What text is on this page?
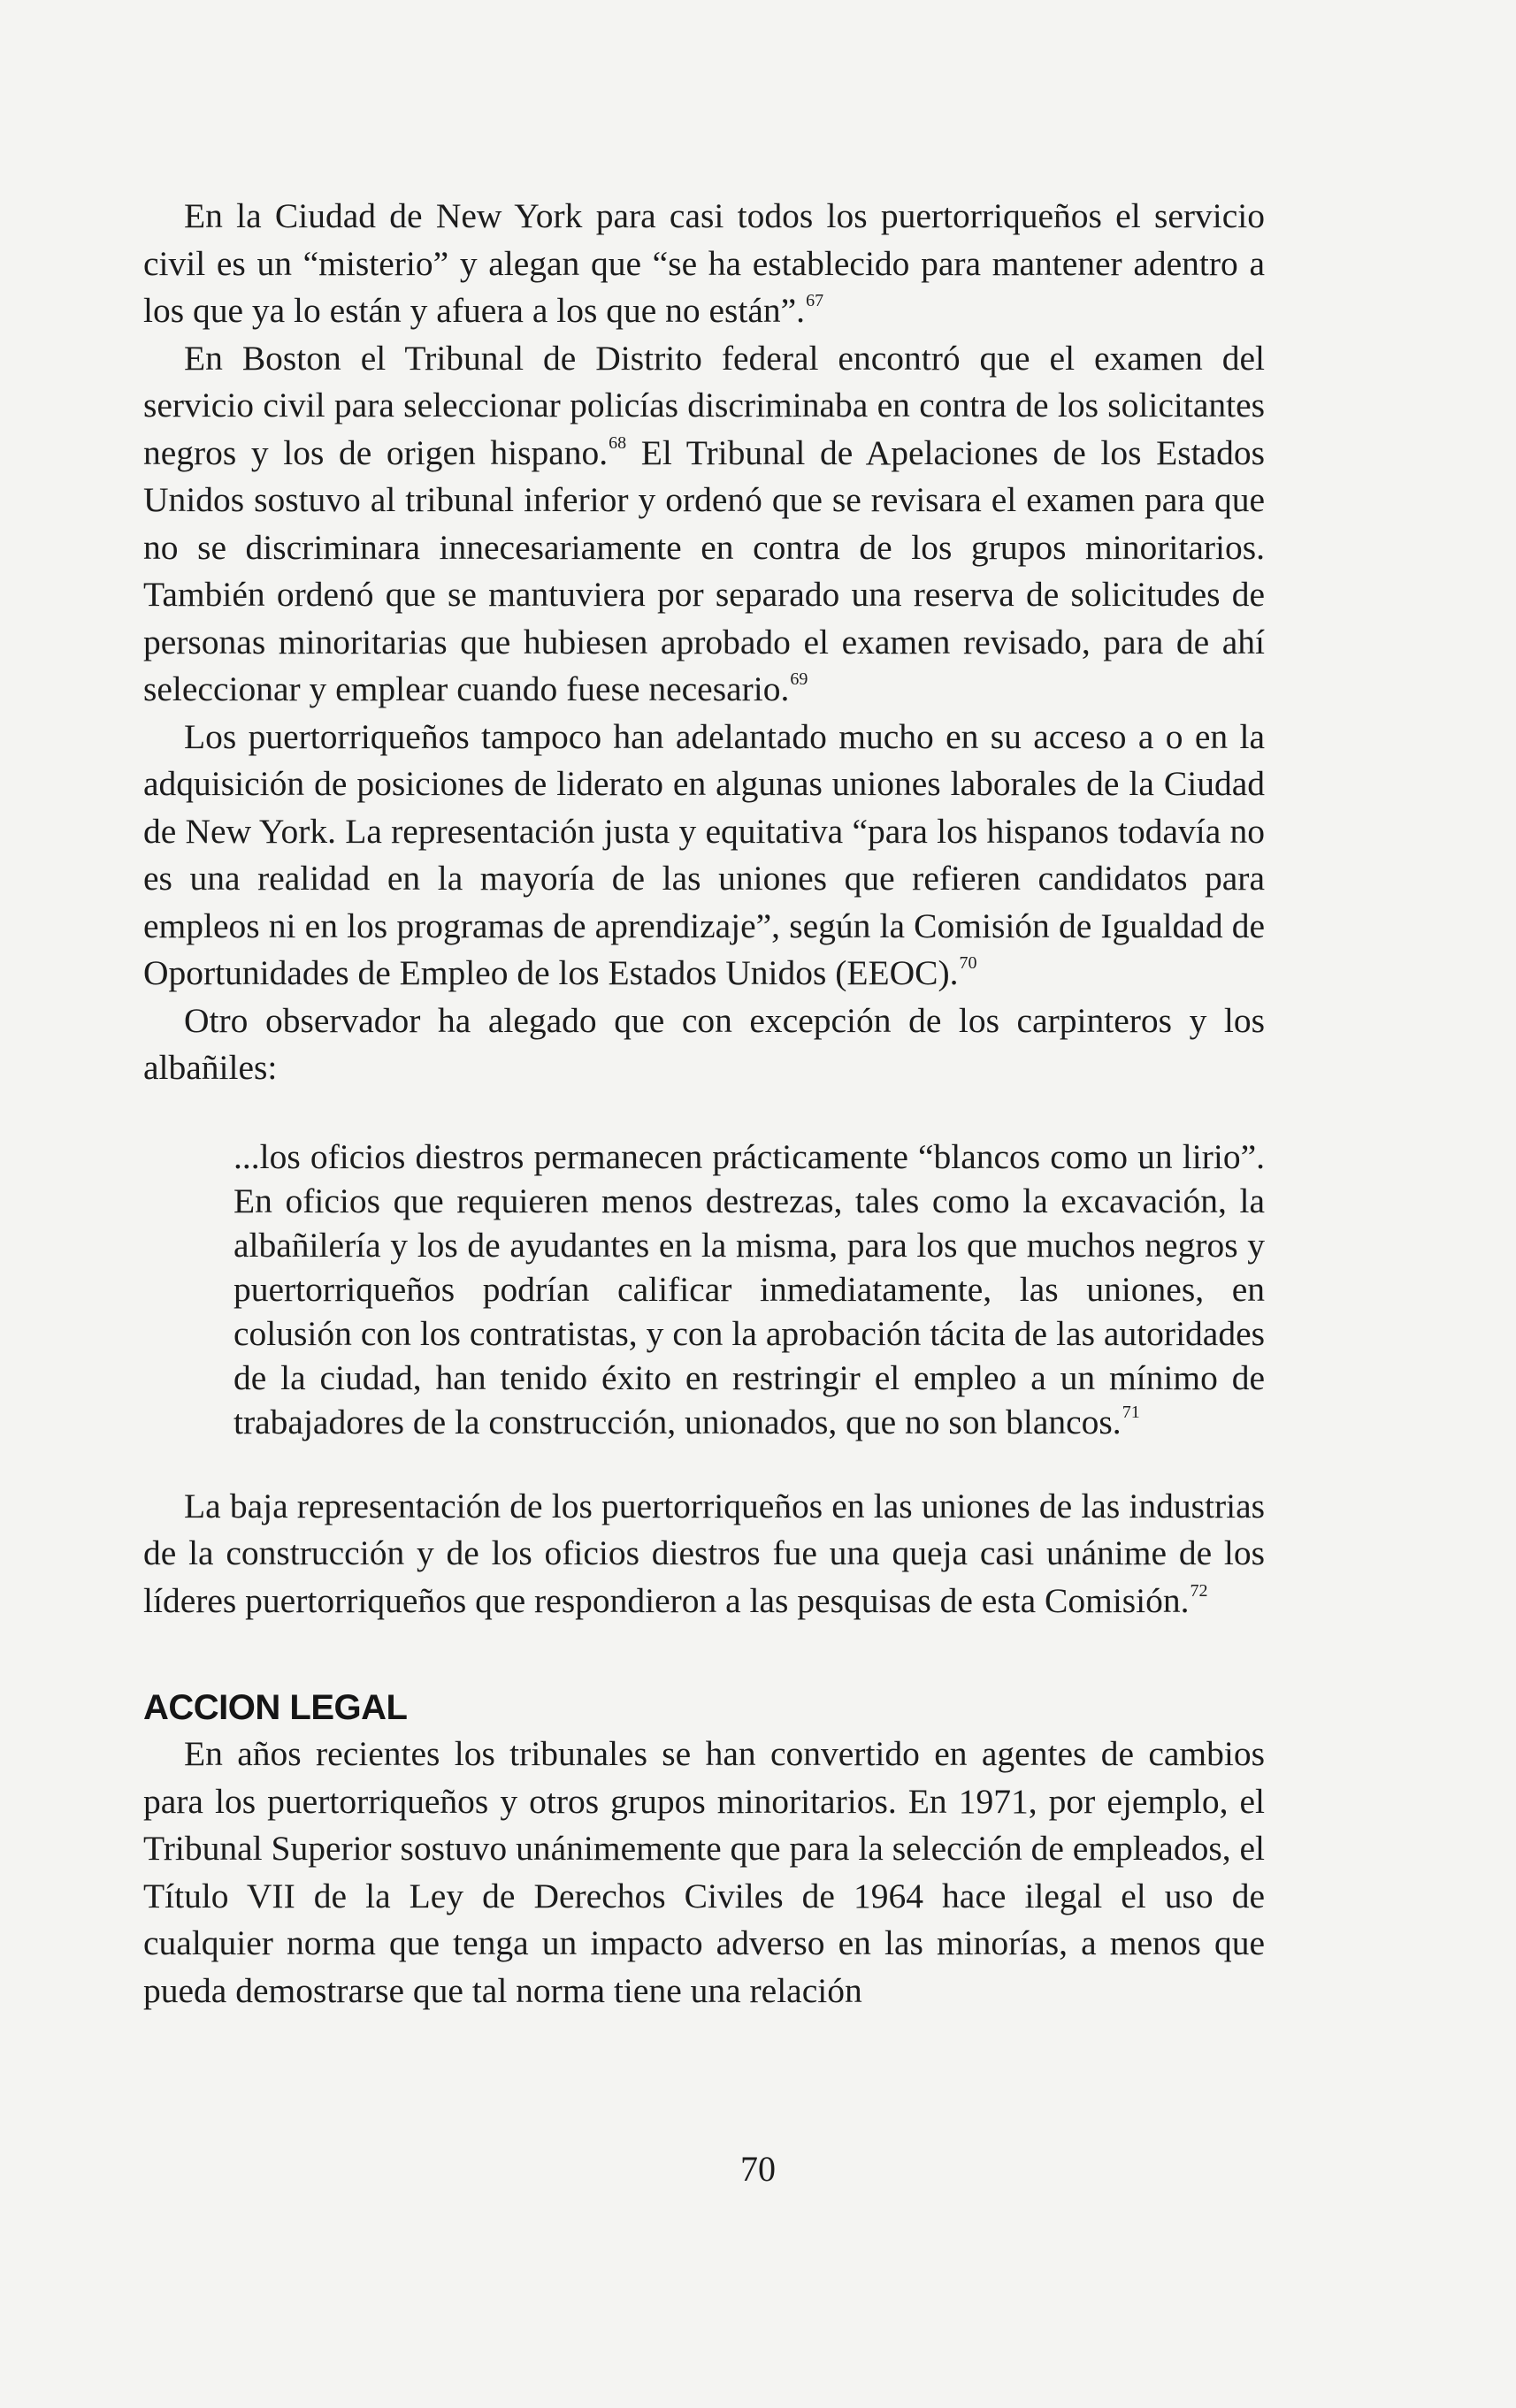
En la Ciudad de New York para casi todos los puertorriqueños el servicio civil es un “misterio” y alegan que “se ha establecido para mantener adentro a los que ya lo están y afuera a los que no están”.$^{67}$

En Boston el Tribunal de Distrito federal encontró que el examen del servicio civil para seleccionar policías discriminaba en contra de los solicitantes negros y los de origen hispano.$^{68}$ El Tribunal de Apelaciones de los Estados Unidos sostuvo al tribunal inferior y ordenó que se revisara el examen para que no se discriminara innecesariamente en contra de los grupos minoritarios. También ordenó que se mantuviera por separado una reserva de solicitudes de personas minoritarias que hubiesen aprobado el examen revisado, para de ahí seleccionar y emplear cuando fuese necesario.$^{69}$

Los puertorriqueños tampoco han adelantado mucho en su acceso a o en la adquisición de posiciones de liderato en algunas uniones laborales de la Ciudad de New York. La representación justa y equitativa “para los hispanos todavía no es una realidad en la mayoría de las uniones que refieren candidatos para empleos ni en los programas de aprendizaje”, según la Comisión de Igualdad de Oportunidades de Empleo de los Estados Unidos (EEOC).$^{70}$

Otro observador ha alegado que con excepción de los carpinteros y los albañiles:

...los oficios diestros permanecen prácticamente “blancos como un lirio”. En oficios que requieren menos destrezas, tales como la excavación, la albañilería y los de ayudantes en la misma, para los que muchos negros y puertorriqueños podrían calificar inmediatamente, las uniones, en colusión con los contratistas, y con la aprobación tácita de las autoridades de la ciudad, han tenido éxito en restringir el empleo a un mínimo de trabajadores de la construcción, unionados, que no son blancos.$^{71}$

La baja representación de los puertorriqueños en las uniones de las industrias de la construcción y de los oficios diestros fue una queja casi unánime de los líderes puertorriqueños que respondieron a las pesquisas de esta Comisión.$^{72}$

ACCION LEGAL

En años recientes los tribunales se han convertido en agentes de cambios para los puertorriqueños y otros grupos minoritarios. En 1971, por ejemplo, el Tribunal Superior sostuvo unánimemente que para la selección de empleados, el Título VII de la Ley de Derechos Civiles de 1964 hace ilegal el uso de cualquier norma que tenga un impacto adverso en las minorías, a menos que pueda demostrarse que tal norma tiene una relación

70
